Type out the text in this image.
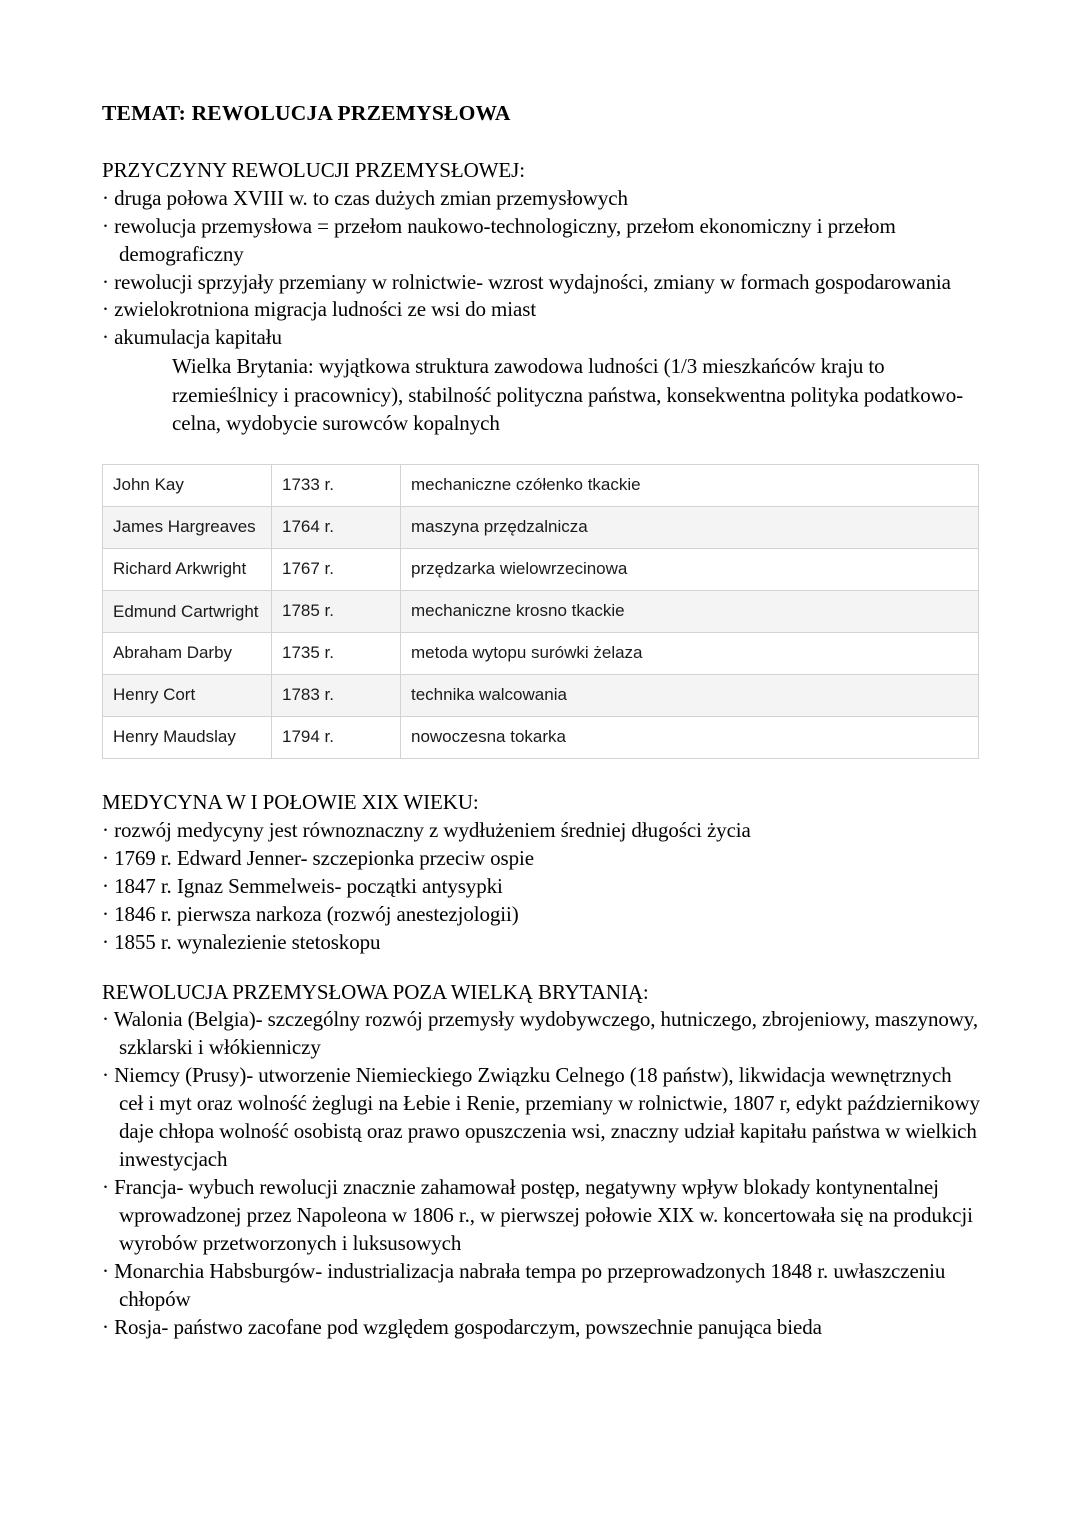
TEMAT: REWOLUCJA PRZEMYSŁOWA

PRZYCZYNY REWOLUCJI PRZEMYSŁOWEJ:

· druga połowa XVIII w. to czas dużych zmian przemysłowych

· rewolucja przemysłowa = przełom naukowo-technologiczny, przełom ekonomiczny i przełom demograficzny

· rewolucji sprzyjały przemiany w rolnictwie- wzrost wydajności, zmiany w formach gospodarowania

· zwielokrotniona migracja ludności ze wsi do miast

· akumulacja kapitału

Wielka Brytania: wyjątkowa struktura zawodowa ludności (1/3 mieszkańców kraju to rzemieślnicy i pracownicy), stabilność polityczna państwa, konsekwentna polityka podatkowo-celna, wydobycie surowców kopalnych

John Kay	1733 r.	mechaniczne czółenko tkackie

James Hargreaves	1764 r.	maszyna przędzalnicza

Richard Arkwright	1767 r.	przędzarka wielowrzecinowa

Edmund Cartwright	1785 r.	mechaniczne krosno tkackie

Abraham Darby	1735 r.	metoda wytopu surówki żelaza

Henry Cort	1783 r.	technika walcowania

Henry Maudslay	1794 r.	nowoczesna tokarka

MEDYCYNA W I POŁOWIE XIX WIEKU:

· rozwój medycyny jest równoznaczny z wydłużeniem średniej długości życia

· 1769 r. Edward Jenner- szczepionka przeciw ospie

· 1847 r. Ignaz Semmelweis- początki antysypki

· 1846 r. pierwsza narkoza (rozwój anestezjologii)

· 1855 r. wynalezienie stetoskopu

REWOLUCJA PRZEMYSŁOWA POZA WIELKĄ BRYTANIĄ:

· Walonia (Belgia)- szczególny rozwój przemysły wydobywczego, hutniczego, zbrojeniowy, maszynowy, szklarski i włókienniczy

· Niemcy (Prusy)- utworzenie Niemieckiego Związku Celnego (18 państw), likwidacja wewnętrznych ceł i myt oraz wolność żeglugi na Łebie i Renie, przemiany w rolnictwie, 1807 r, edykt październikowy daje chłopa wolność osobistą oraz prawo opuszczenia wsi, znaczny udział kapitału państwa w wielkich inwestycjach

· Francja- wybuch rewolucji znacznie zahamował postęp, negatywny wpływ blokady kontynentalnej wprowadzonej przez Napoleona w 1806 r., w pierwszej połowie XIX w. koncertowała się na produkcji wyrobów przetworzonych i luksusowych

· Monarchia Habsburgów- industrializacja nabrała tempa po przeprowadzonych 1848 r. uwłaszczeniu chłopów

· Rosja- państwo zacofane pod względem gospodarczym, powszechnie panująca bieda
